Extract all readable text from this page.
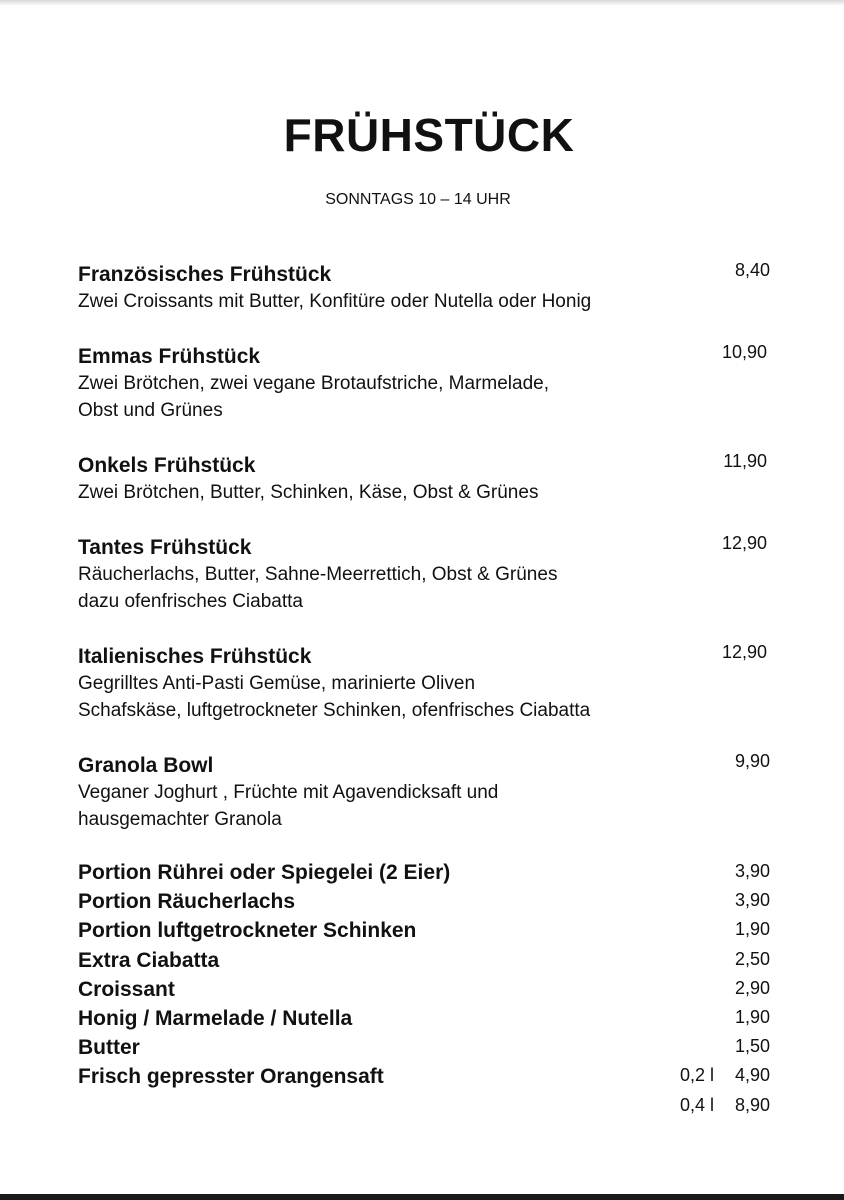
FRÜHSTÜCK
SONNTAGS 10 – 14 UHR
Französisches Frühstück
Zwei Croissants mit Butter, Konfitüre oder Nutella oder Honig
8,40
Emmas Frühstück
Zwei Brötchen, zwei vegane Brotaufstriche, Marmelade,
Obst und Grünes
10,90
Onkels Frühstück
Zwei Brötchen, Butter, Schinken, Käse, Obst & Grünes
11,90
Tantes Frühstück
Räucherlachs, Butter, Sahne-Meerrettich, Obst & Grünes
dazu ofenfrisches Ciabatta
12,90
Italienisches Frühstück
Gegrilltes Anti-Pasti Gemüse, marinierte Oliven
Schafskäse, luftgetrockneter Schinken, ofenfrisches Ciabatta
12,90
Granola Bowl
Veganer Joghurt , Früchte mit Agavendicksaft und
hausgemachter Granola
9,90
Portion Rührei oder Spiegelei (2 Eier)	3,90
Portion Räucherlachs	3,90
Portion luftgetrockneter Schinken	1,90
Extra Ciabatta	2,50
Croissant	2,90
Honig / Marmelade / Nutella	1,90
Butter	1,50
Frisch gepresster Orangensaft	0,2 l 4,90
0,4 l 8,90
